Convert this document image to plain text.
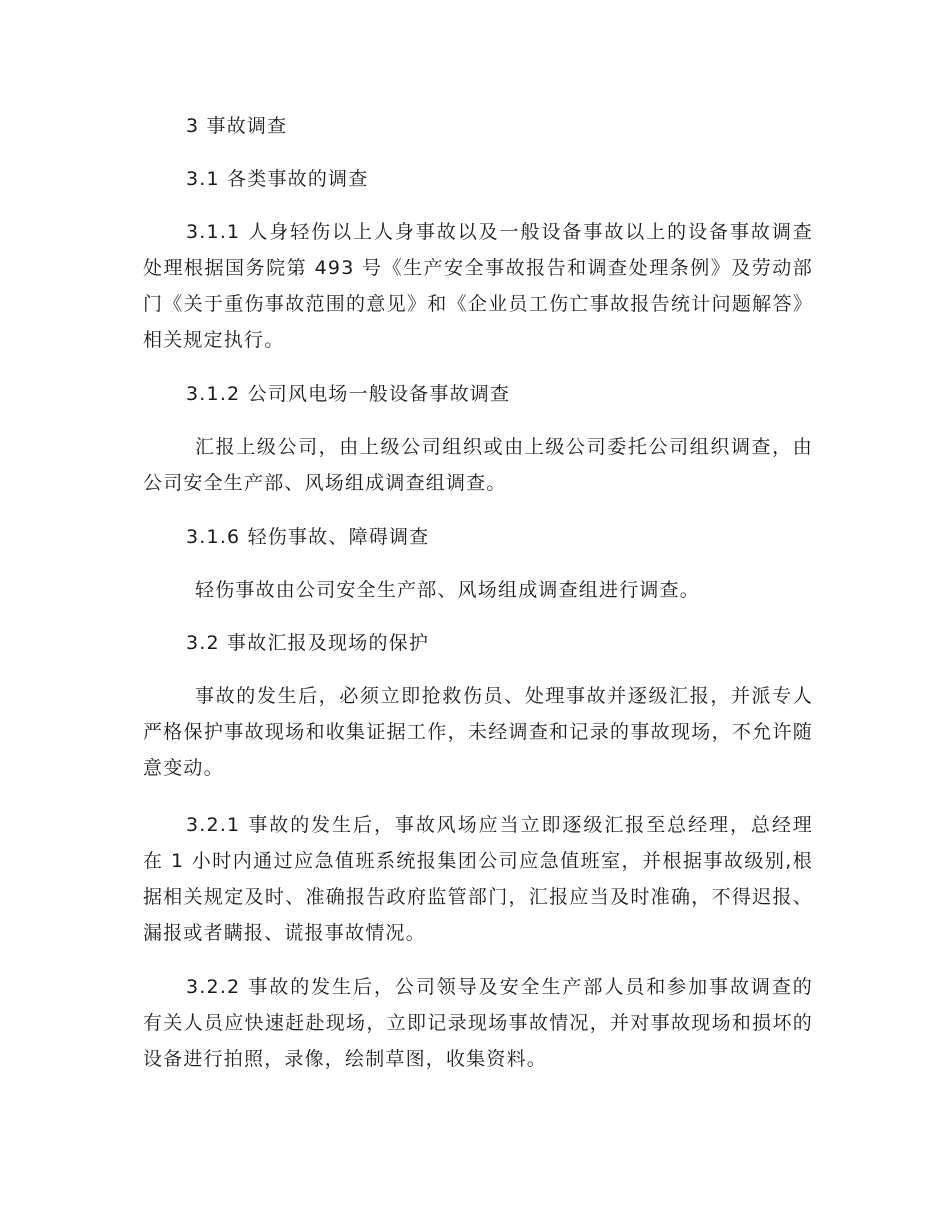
3 事故调查
3.1 各类事故的调查
3.1.1 人身轻伤以上人身事故以及一般设备事故以上的设备事故调查处理根据国务院第 493 号《生产安全事故报告和调查处理条例》及劳动部门《关于重伤事故范围的意见》和《企业员工伤亡事故报告统计问题解答》相关规定执行。
3.1.2 公司风电场一般设备事故调查
汇报上级公司，由上级公司组织或由上级公司委托公司组织调查，由公司安全生产部、风场组成调查组调查。
3.1.6 轻伤事故、障碍调查
轻伤事故由公司安全生产部、风场组成调查组进行调查。
3.2 事故汇报及现场的保护
事故的发生后，必须立即抢救伤员、处理事故并逐级汇报，并派专人严格保护事故现场和收集证据工作，未经调查和记录的事故现场，不允许随意变动。
3.2.1 事故的发生后，事故风场应当立即逐级汇报至总经理，总经理在 1 小时内通过应急值班系统报集团公司应急值班室，并根据事故级别,根据相关规定及时、准确报告政府监管部门，汇报应当及时准确，不得迟报、漏报或者瞒报、谎报事故情况。
3.2.2 事故的发生后，公司领导及安全生产部人员和参加事故调查的有关人员应快速赶赴现场，立即记录现场事故情况，并对事故现场和损坏的设备进行拍照，录像，绘制草图，收集资料。
